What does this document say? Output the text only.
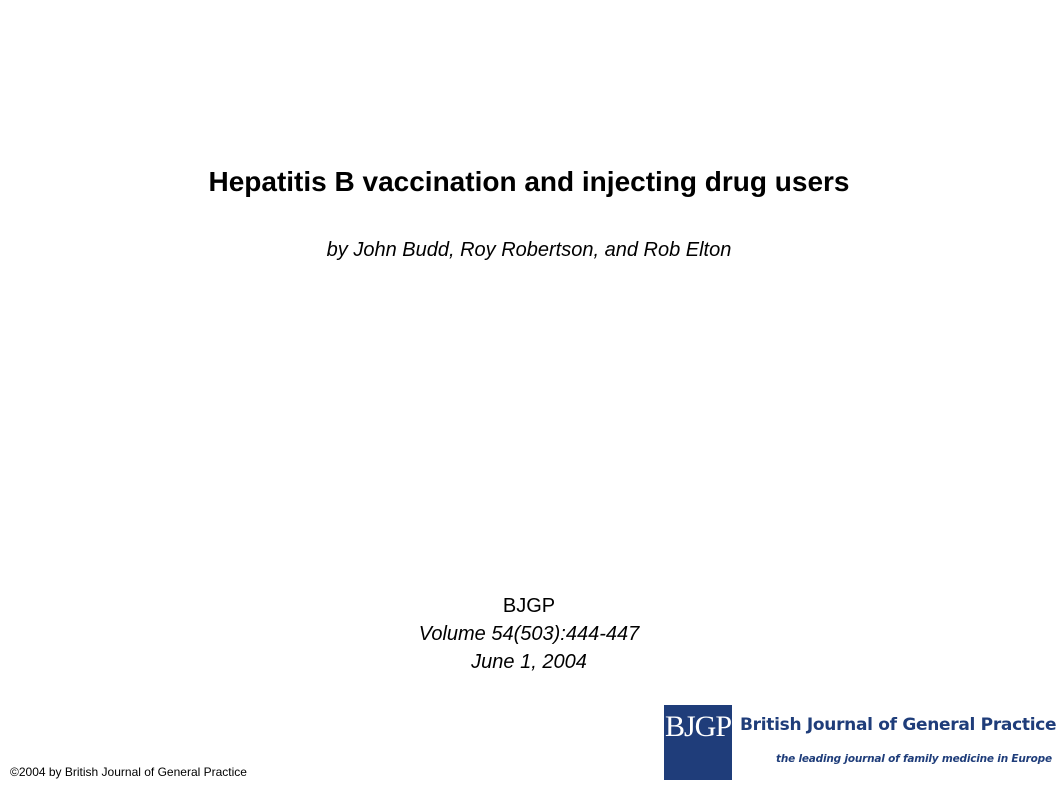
Hepatitis B vaccination and injecting drug users
by John Budd, Roy Robertson, and Rob Elton
BJGP
Volume 54(503):444-447
June 1, 2004
©2004 by British Journal of General Practice
BJGP British Journal of General Practice
the leading journal of family medicine in Europe
